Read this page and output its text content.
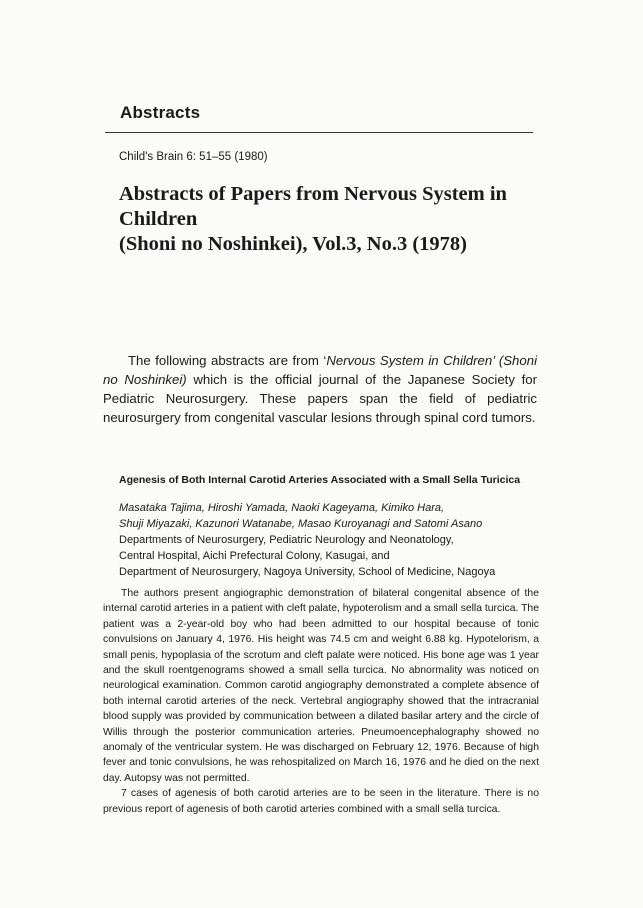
Abstracts
Child's Brain 6: 51–55 (1980)
Abstracts of Papers from Nervous System in Children
(Shoni no Noshinkei), Vol.3, No.3 (1978)

The following abstracts are from ‘Nervous System in Children’ (Shoni no Noshinkei) which is the official journal of the Japanese Society for Pediatric Neurosurgery. These papers span the field of pediatric neurosurgery from congenital vascular lesions through spinal cord tumors.

Agenesis of Both Internal Carotid Arteries Associated with a Small Sella Turicica
Masataka Tajima, Hiroshi Yamada, Naoki Kageyama, Kimiko Hara,
Shuji Miyazaki, Kazunori Watanabe, Masao Kuroyanagi and Satomi Asano
Departments of Neurosurgery, Pediatric Neurology and Neonatology,
Central Hospital, Aichi Prefectural Colony, Kasugai, and
Department of Neurosurgery, Nagoya University, School of Medicine, Nagoya

The authors present angiographic demonstration of bilateral congenital absence of the internal carotid arteries in a patient with cleft palate, hypoterolism and a small sella turcica. The patient was a 2-year-old boy who had been admitted to our hospital because of tonic convulsions on January 4, 1976. His height was 74.5 cm and weight 6.88 kg. Hypotelorism, a small penis, hypoplasia of the scrotum and cleft palate were noticed. His bone age was 1 year and the skull roentgenograms showed a small sella turcica. No abnormality was noticed on neurological examination. Common carotid angiography demonstrated a complete absence of both internal carotid arteries of the neck. Vertebral angiography showed that the intracranial blood supply was provided by communication between a dilated basilar artery and the circle of Willis through the posterior communication arteries. Pneumoencephalography showed no anomaly of the ventricular system. He was discharged on February 12, 1976. Because of high fever and tonic convulsions, he was rehospitalized on March 16, 1976 and he died on the next day. Autopsy was not permitted.

7 cases of agenesis of both carotid arteries are to be seen in the literature. There is no previous report of agenesis of both carotid arteries combined with a small sella turcica.
